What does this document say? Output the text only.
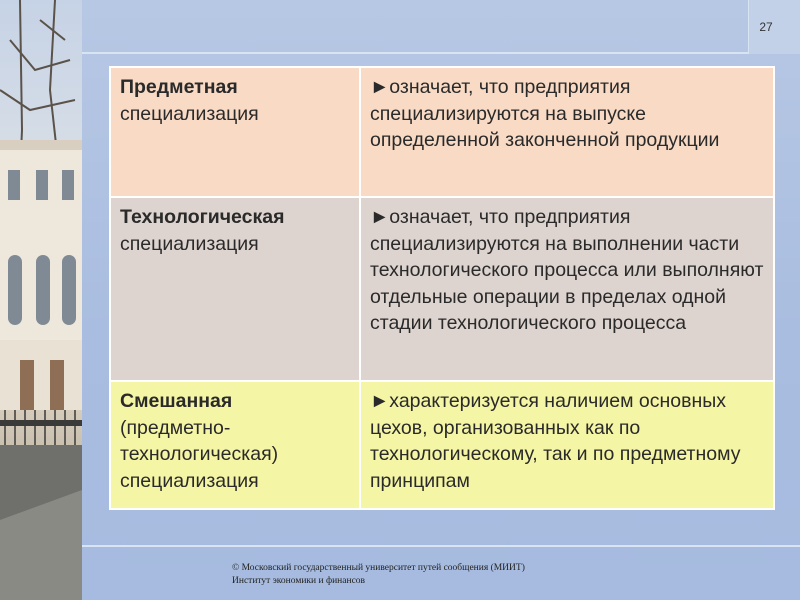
27
Предметная
специализация	►означает, что предприятия специализируются на выпуске определенной законченной продукции
Технологическая
специализация	►означает, что предприятия специализируются на выполнении части технологического процесса или выполняют отдельные операции в пределах одной стадии технологического процесса
Смешанная
(предметно-технологическая) специализация	►характеризуется наличием основных цехов, организованных как по технологическому, так и по предметному принципам
© Московский государственный университет путей сообщения (МИИТ)
Институт экономики и финансов
